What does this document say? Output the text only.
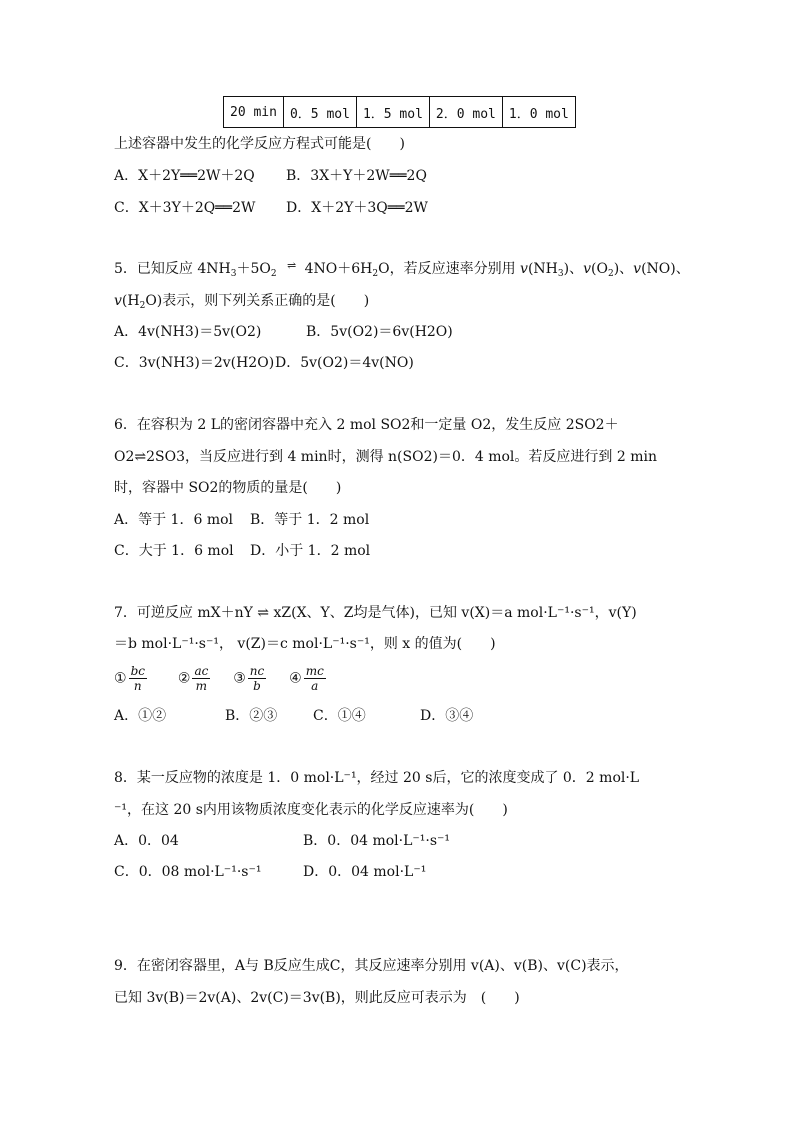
20 min	0．5 mol	1．5 mol	2．0 mol	1．0 mol
上述容器中发生的化学反应方程式可能是(　　)
A．X＋2Y══2W＋2Q B．3X＋Y＋2W══2Q
C．X＋3Y＋2Q══2W D．X＋2Y＋3Q══2W
5．已知反应 $4NH_3+5O_2\rightleftharpoons$ $4NO+6H_2O$，若反应速率分别用 $v(NH_3)$、$v(O_2)$、v(NO)、
$v(H_2O)$表示，则下列关系正确的是(　　)
A．4v(NH3)＝5v(O2)	B．5v(O2)＝6v(H2O)
C．3v(NH3)＝2v(H2O) D．5v(O2)＝4v(NO)
6．在容积为 2 L的密闭容器中充入 2 mol SO2和一定量 O2，发生反应 2SO2＋
O2⇌2SO3，当反应进行到 4 min时，测得 n(SO2)＝0．4 mol。若反应进行到 2 min
时，容器中 SO2的物质的量是(　　)
A．等于 1．6 mol B．等于 1．2 mol
C．大于 1．6 mol D．小于 1．2 mol
7．可逆反应 mX＋nY ⇌ xZ(X、Y、Z均是气体)，已知 v(X)＝a mol·L⁻¹·s⁻¹，v(Y)
＝b mol·L⁻¹·s⁻¹， v(Z)＝c mol·L⁻¹·s⁻¹，则 x 的值为(　　)
① $\frac{bc}{n}$ ② $\frac{ac}{m}$ ③ $\frac{nc}{b}$ ④ $\frac{mc}{a}$
A．①②	B．②③	C．①④	D．③④
8．某一反应物的浓度是 1．0 mol·L⁻¹，经过 20 s后，它的浓度变成了 0．2 mol·L
⁻¹，在这 20 s内用该物质浓度变化表示的化学反应速率为(　　)
A．0．04	B．0．04 mol·L⁻¹·s⁻¹
C．0．08 mol·L⁻¹·s⁻¹	D．0．04 mol·L⁻¹
9．在密闭容器里，A与 B反应生成C，其反应速率分别用 v(A)、v(B)、v(C)表示，
已知 3v(B)＝2v(A)、2v(C)＝3v(B)，则此反应可表示为　(　　)
